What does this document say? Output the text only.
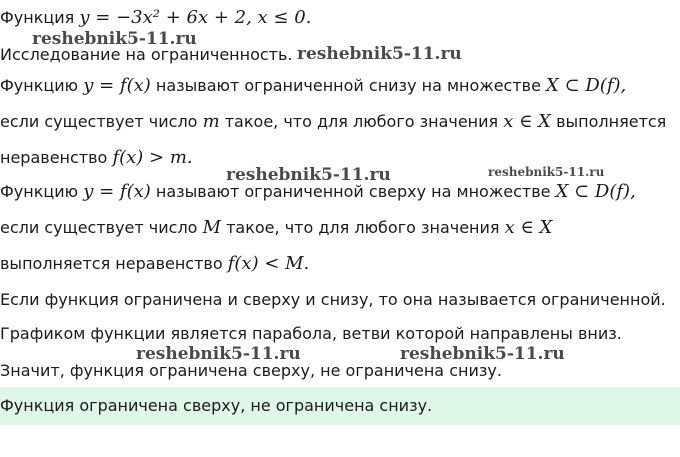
Функция y = −3x² + 6x + 2, x ≤ 0.
reshebnik5-11.ru
Исследование на ограниченность. reshebnik5-11.ru
Функцию y = f(x) называют ограниченной снизу на множестве X ⊂ D(f),
если существует число m такое, что для любого значения x ∈ X выполняется
неравенство f(x) > m.
reshebnik5-11.ru	reshebnik5-11.ru
Функцию y = f(x) называют ограниченной сверху на множестве X ⊂ D(f),
если существует число M такое, что для любого значения x ∈ X
выполняется неравенство f(x) < M.
Если функция ограничена и сверху и снизу, то она называется ограниченной.
Графиком функции является парабола, ветви которой направлены вниз.
reshebnik5-11.ru	reshebnik5-11.ru
Значит, функция ограничена сверху, не ограничена снизу.
Функция ограничена сверху, не ограничена снизу.
